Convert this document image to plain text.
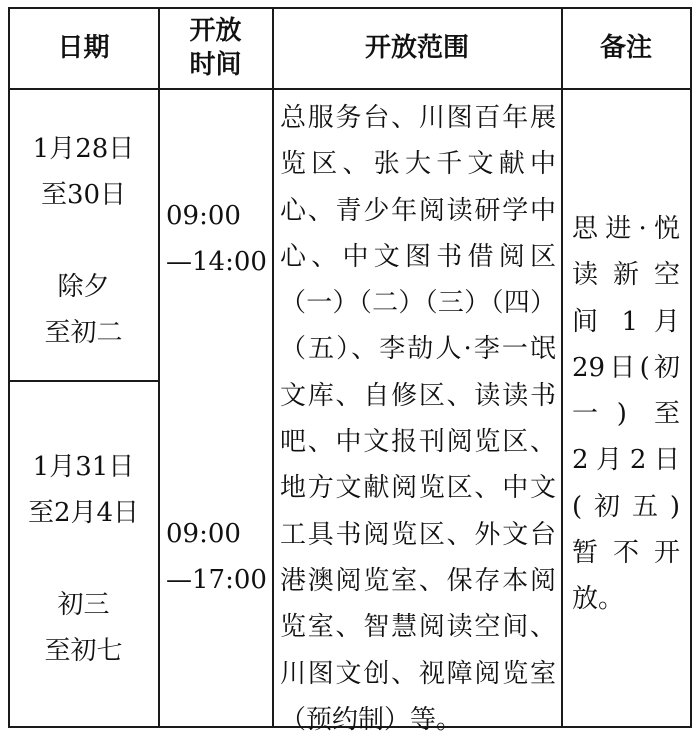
日期
开放
时间
开放范围	备注
1月28日
至30日
除夕
至初二
09:00
—14:00
1月31日
至2月4日
初三
至初七
09:00
—17:00
总服务台、川图百年展览区、张大千文献中心、青少年阅读研学中心、中文图书借阅区（一）（二）（三）（四）（五）、李劼人·李一氓文库、自修区、读读书吧、中文报刊阅览区、地方文献阅览区、中文工具书阅览区、外文台港澳阅览室、保存本阅览室、智慧阅读空间、川图文创、视障阅览室（预约制）等。
思进·悦
读 新 空
间 1 月
29日(初
一) 至
2月2日
(初五)
暂 不 开
放。
